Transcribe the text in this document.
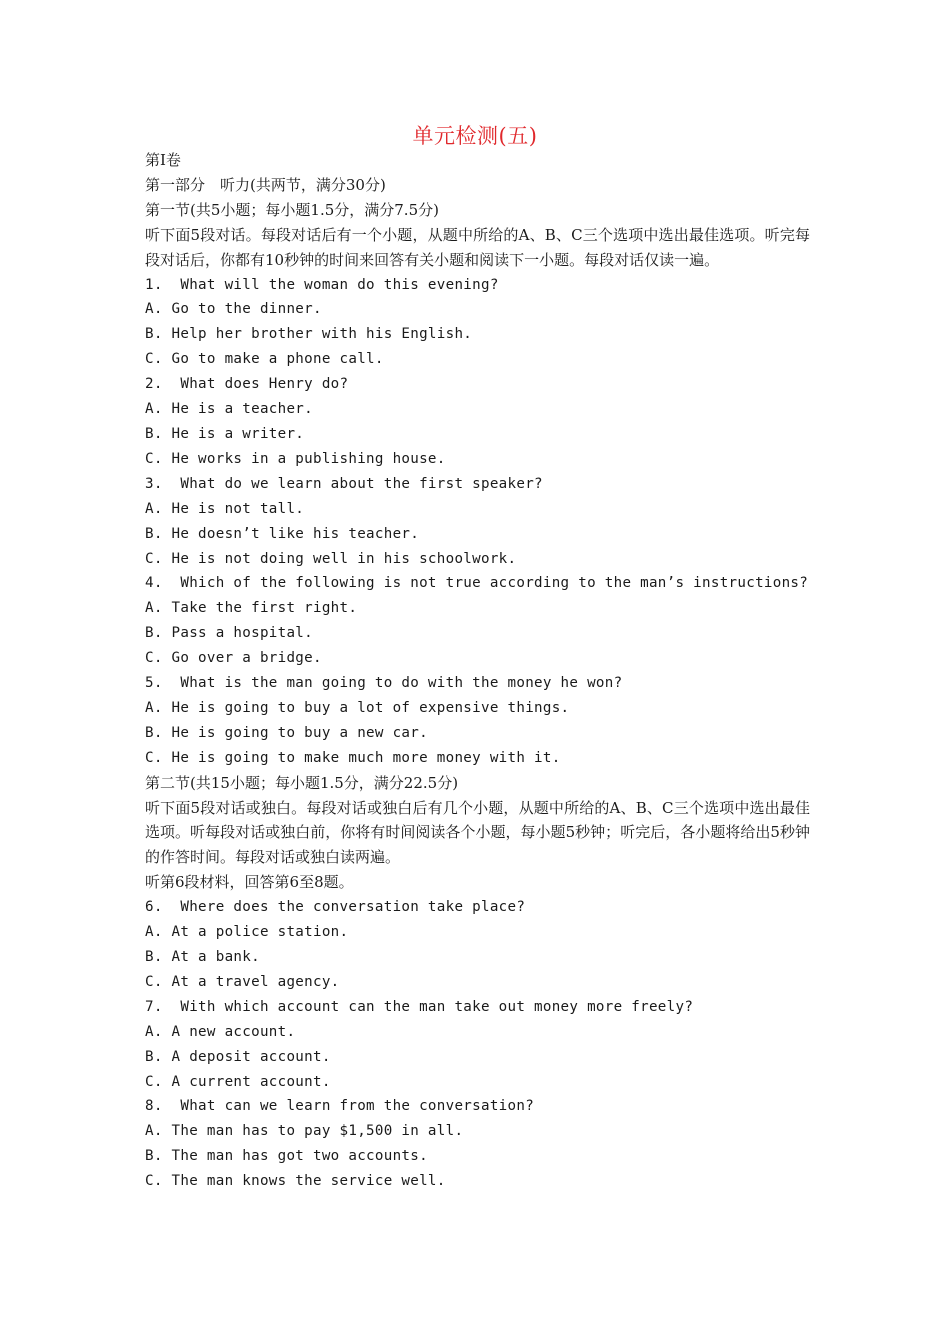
单元检测(五)

第Ⅰ卷

第一部分　听力(共两节，满分30分)

第一节(共5小题；每小题1.5分，满分7.5分)

听下面5段对话。每段对话后有一个小题，从题中所给的A、B、C三个选项中选出最佳选项。听完每段对话后，你都有10秒钟的时间来回答有关小题和阅读下一小题。每段对话仅读一遍。

1.  What will the woman do this evening?

A. Go to the dinner.

B. Help her brother with his English.

C. Go to make a phone call.

2.  What does Henry do?

A. He is a teacher.

B. He is a writer.

C. He works in a publishing house.

3.  What do we learn about the first speaker?

A. He is not tall.

B. He doesn’t like his teacher.

C. He is not doing well in his schoolwork.

4.  Which of the following is not true according to the man’s instructions?

A. Take the first right.

B. Pass a hospital.

C. Go over a bridge.

5.  What is the man going to do with the money he won?

A. He is going to buy a lot of expensive things.

B. He is going to buy a new car.

C. He is going to make much more money with it.

第二节(共15小题；每小题1.5分，满分22.5分)

听下面5段对话或独白。每段对话或独白后有几个小题，从题中所给的A、B、C三个选项中选出最佳选项。听每段对话或独白前，你将有时间阅读各个小题，每小题5秒钟；听完后，各小题将给出5秒钟的作答时间。每段对话或独白读两遍。

听第6段材料，回答第6至8题。

6.  Where does the conversation take place?

A. At a police station.

B. At a bank.

C. At a travel agency.

7.  With which account can the man take out money more freely?

A. A new account.

B. A deposit account.

C. A current account.

8.  What can we learn from the conversation?

A. The man has to pay $1,500 in all.

B. The man has got two accounts.

C. The man knows the service well.
